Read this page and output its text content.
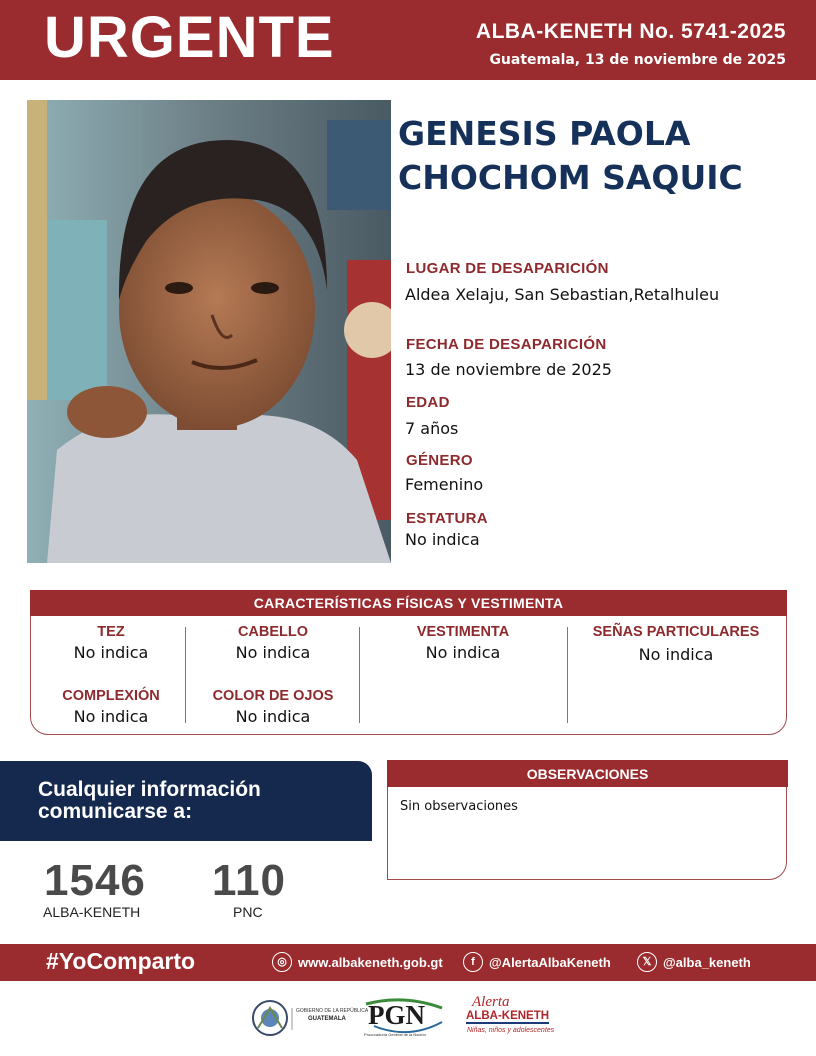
URGENTE	ALBA-KENETH No. 5741-2025
Guatemala, 13 de noviembre de 2025
GENESIS PAOLA
CHOCHOM SAQUIC
LUGAR DE DESAPARICIÓN
Aldea Xelaju, San Sebastian,Retalhuleu
FECHA DE DESAPARICIÓN
13 de noviembre de 2025
EDAD
7 años
GÉNERO
Femenino
ESTATURA
No indica
CARACTERÍSTICAS FÍSICAS Y VESTIMENTA
TEZ
No indica
COMPLEXIÓN
No indica
CABELLO
No indica
COLOR DE OJOS
No indica
VESTIMENTA
No indica
SEÑAS PARTICULARES
No indica
Cualquier información
comunicarse a:
1546
ALBA-KENETH
110
PNC
OBSERVACIONES
Sin observaciones
#YoComparto	◎ www.albakeneth.gob.gt	f	@AlertaAlbaKeneth	𝕏 @alba_keneth
GOBIERNO DE LA REPÚBLICA
GUATEMALA PGN
Procuraduría General de la Nación
Alerta
ALBA-KENETH
Niñas, niños y adolescentes
